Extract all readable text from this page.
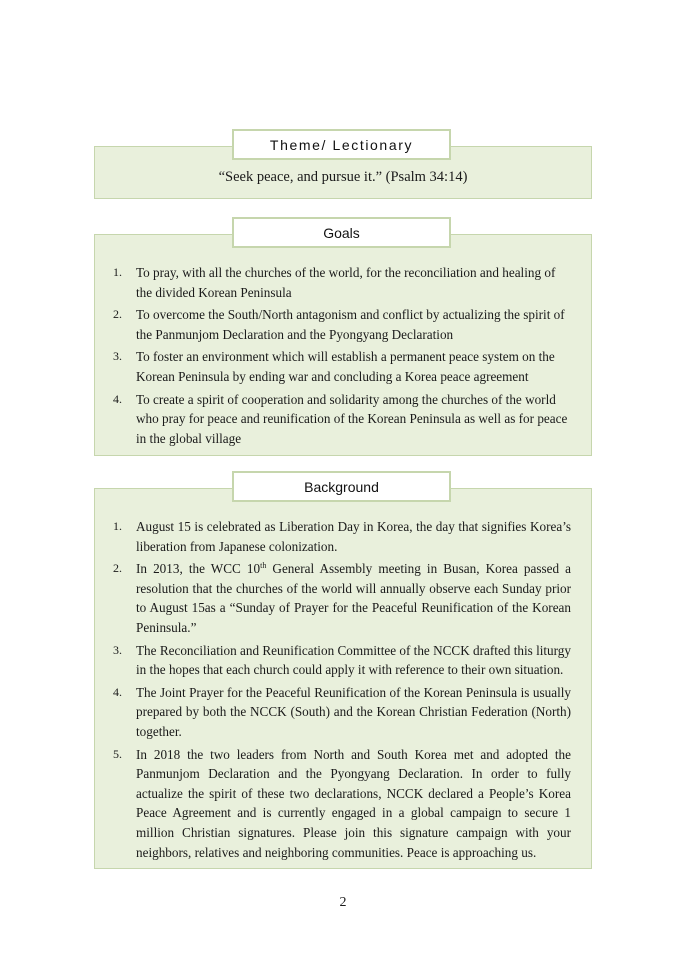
“Seek peace, and pursue it.” (Psalm 34:14)
Theme/ Lectionary
1. To pray, with all the churches of the world, for the reconciliation and healing of the divided Korean Peninsula
2. To overcome the South/North antagonism and conflict by actualizing the spirit of the Panmunjom Declaration and the Pyongyang Declaration
3. To foster an environment which will establish a permanent peace system on the Korean Peninsula by ending war and concluding a Korea peace agreement
4. To create a spirit of cooperation and solidarity among the churches of the world who pray for peace and reunification of the Korean Peninsula as well as for peace in the global village
Goals
1. August 15 is celebrated as Liberation Day in Korea, the day that signifies Korea’s liberation from Japanese colonization.
2. In 2013, the WCC 10th General Assembly meeting in Busan, Korea passed a resolution that the churches of the world will annually observe each Sunday prior to August 15as a “Sunday of Prayer for the Peaceful Reunification of the Korean Peninsula.”
3. The Reconciliation and Reunification Committee of the NCCK drafted this liturgy in the hopes that each church could apply it with reference to their own situation.
4. The Joint Prayer for the Peaceful Reunification of the Korean Peninsula is usually prepared by both the NCCK (South) and the Korean Christian Federation (North) together.
5. In 2018 the two leaders from North and South Korea met and adopted the Panmunjom Declaration and the Pyongyang Declaration. In order to fully actualize the spirit of these two declarations, NCCK declared a People’s Korea Peace Agreement and is currently engaged in a global campaign to secure 1 million Christian signatures. Please join this signature campaign with your neighbors, relatives and neighboring communities. Peace is approaching us.
Background
2
